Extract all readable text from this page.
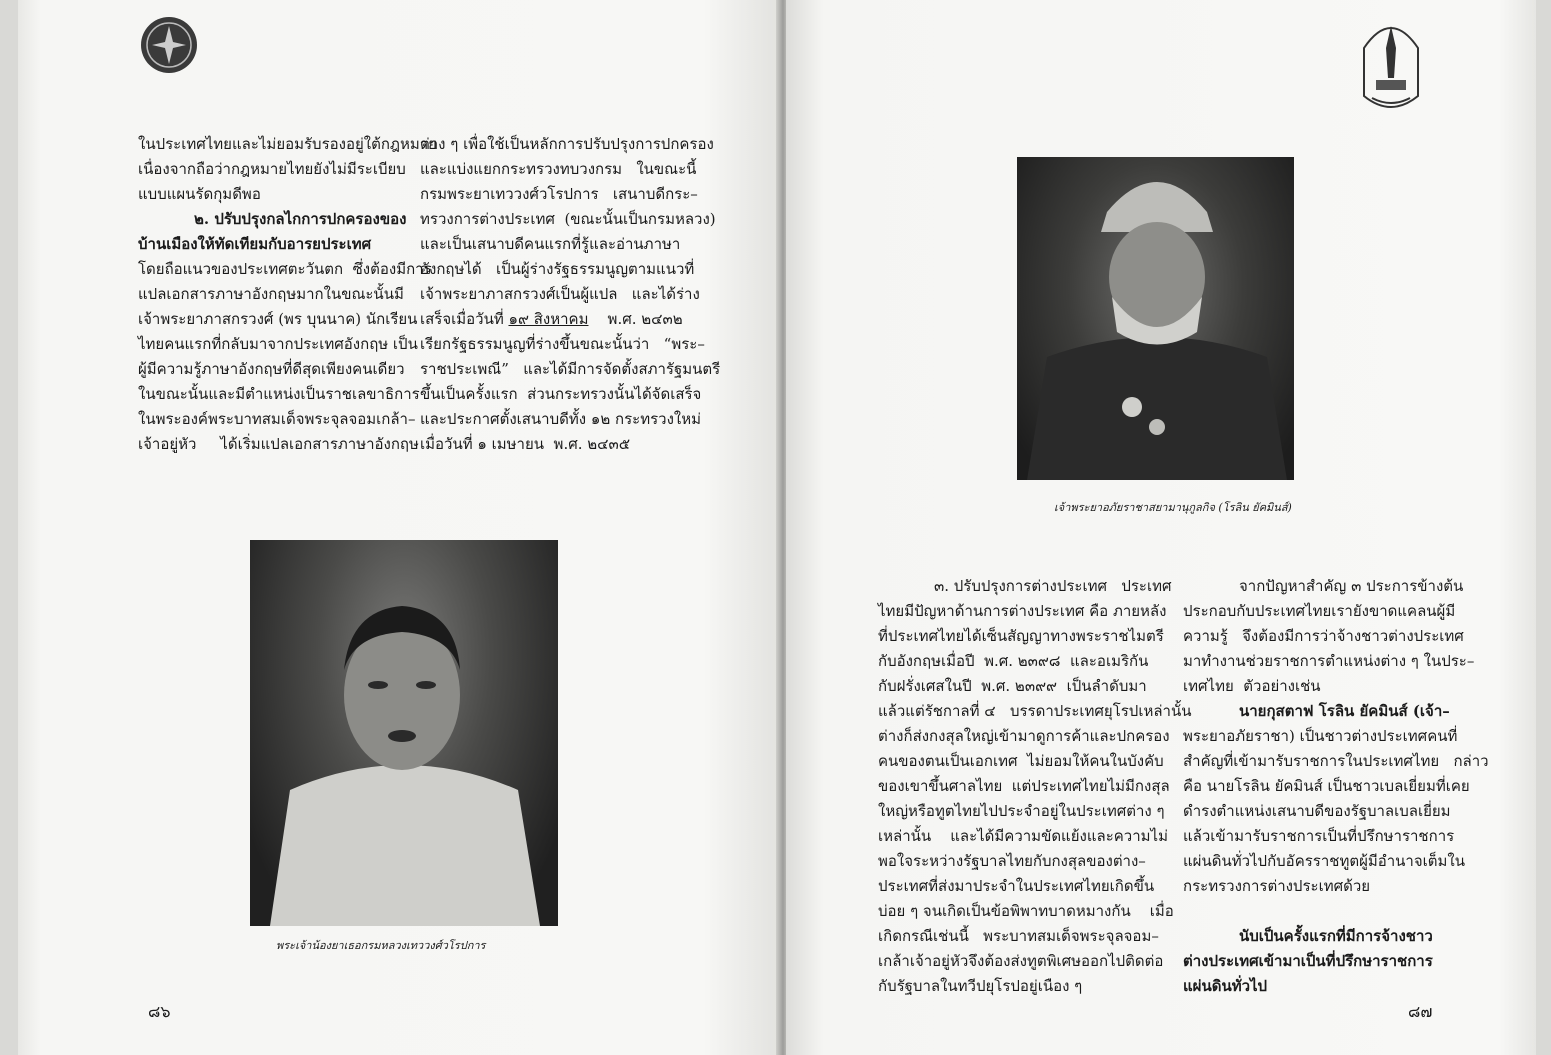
ในประเทศไทยและไม่ยอมรับรองอยู่ใต้กฎหมาย
เนื่องจากถือว่ากฎหมายไทยยังไม่มีระเบียบ
แบบแผนรัดกุมดีพอ
๒. ปรับปรุงกลไกการปกครองของ
บ้านเมืองให้ทัดเทียมกับอารยประเทศ
โดยถือแนวของประเทศตะวันตก  ซึ่งต้องมีการ
แปลเอกสารภาษาอังกฤษมากในขณะนั้นมี
เจ้าพระยาภาสกรวงศ์ (พร บุนนาค) นักเรียน
ไทยคนแรกที่กลับมาจากประเทศอังกฤษ เป็น
ผู้มีความรู้ภาษาอังกฤษที่ดีสุดเพียงคนเดียว
ในขณะนั้นและมีตำแหน่งเป็นราชเลขาธิการ
ในพระองค์พระบาทสมเด็จพระจุลจอมเกล้า–
เจ้าอยู่หัว     ได้เริ่มแปลเอกสารภาษาอังกฤษ
ต่าง ๆ เพื่อใช้เป็นหลักการปรับปรุงการปกครอง
และแบ่งแยกกระทรวงทบวงกรม   ในขณะนี้
กรมพระยาเทววงศ์วโรปการ   เสนาบดีกระ–
ทรวงการต่างประเทศ  (ขณะนั้นเป็นกรมหลวง)
และเป็นเสนาบดีคนแรกที่รู้และอ่านภาษา
อังกฤษได้   เป็นผู้ร่างรัฐธรรมนูญตามแนวที่
เจ้าพระยาภาสกรวงศ์เป็นผู้แปล   และได้ร่าง
เสร็จเมื่อวันที่ ๑๙ สิงหาคม    พ.ศ. ๒๔๓๒
เรียกรัฐธรรมนูญที่ร่างขึ้นขณะนั้นว่า   “พระ–
ราชประเพณี”   และได้มีการจัดตั้งสภารัฐมนตรี
ขึ้นเป็นครั้งแรก  ส่วนกระทรวงนั้นได้จัดเสร็จ
และประกาศตั้งเสนาบดีทั้ง ๑๒ กระทรวงใหม่
เมื่อวันที่ ๑ เมษายน  พ.ศ. ๒๔๓๕
พระเจ้าน้องยาเธอกรมหลวงเทววงศ์วโรปการ
๘๖
เจ้าพระยาอภัยราชาสยามานุกูลกิจ (โรลิน ยัคมินส์)
๓. ปรับปรุงการต่างประเทศ   ประเทศ
ไทยมีปัญหาด้านการต่างประเทศ คือ ภายหลัง
ที่ประเทศไทยได้เซ็นสัญญาทางพระราชไมตรี
กับอังกฤษเมื่อปี  พ.ศ. ๒๓๙๘  และอเมริกัน
กับฝรั่งเศสในปี  พ.ศ. ๒๓๙๙  เป็นลำดับมา
แล้วแต่รัชกาลที่ ๔   บรรดาประเทศยุโรปเหล่านั้น
ต่างก็ส่งกงสุลใหญ่เข้ามาดูการค้าและปกครอง
คนของตนเป็นเอกเทศ  ไม่ยอมให้คนในบังคับ
ของเขาขึ้นศาลไทย  แต่ประเทศไทยไม่มีกงสุล
ใหญ่หรือทูตไทยไปประจำอยู่ในประเทศต่าง ๆ
เหล่านั้น    และได้มีความขัดแย้งและความไม่
พอใจระหว่างรัฐบาลไทยกับกงสุลของต่าง–
ประเทศที่ส่งมาประจำในประเทศไทยเกิดขึ้น
บ่อย ๆ จนเกิดเป็นข้อพิพาทบาดหมางกัน    เมื่อ
เกิดกรณีเช่นนี้   พระบาทสมเด็จพระจุลจอม–
เกล้าเจ้าอยู่หัวจึงต้องส่งทูตพิเศษออกไปติดต่อ
กับรัฐบาลในทวีปยุโรปอยู่เนือง ๆ
จากปัญหาสำคัญ ๓ ประการข้างต้น
ประกอบกับประเทศไทยเรายังขาดแคลนผู้มี
ความรู้   จึงต้องมีการว่าจ้างชาวต่างประเทศ
มาทำงานช่วยราชการตำแหน่งต่าง ๆ ในประ–
เทศไทย  ตัวอย่างเช่น
นายกุสตาฟ โรลิน ยัคมินส์ (เจ้า–
พระยาอภัยราชา) เป็นชาวต่างประเทศคนที่
สำคัญที่เข้ามารับราชการในประเทศไทย   กล่าว
คือ นายโรลิน ยัคมินส์ เป็นชาวเบลเยี่ยมที่เคย
ดำรงตำแหน่งเสนาบดีของรัฐบาลเบลเยี่ยม
แล้วเข้ามารับราชการเป็นที่ปรึกษาราชการ
แผ่นดินทั่วไปกับอัครราชทูตผู้มีอำนาจเต็มใน
กระทรวงการต่างประเทศด้วย
นับเป็นครั้งแรกที่มีการจ้างชาว
ต่างประเทศเข้ามาเป็นที่ปรึกษาราชการ
แผ่นดินทั่วไป
๘๗
